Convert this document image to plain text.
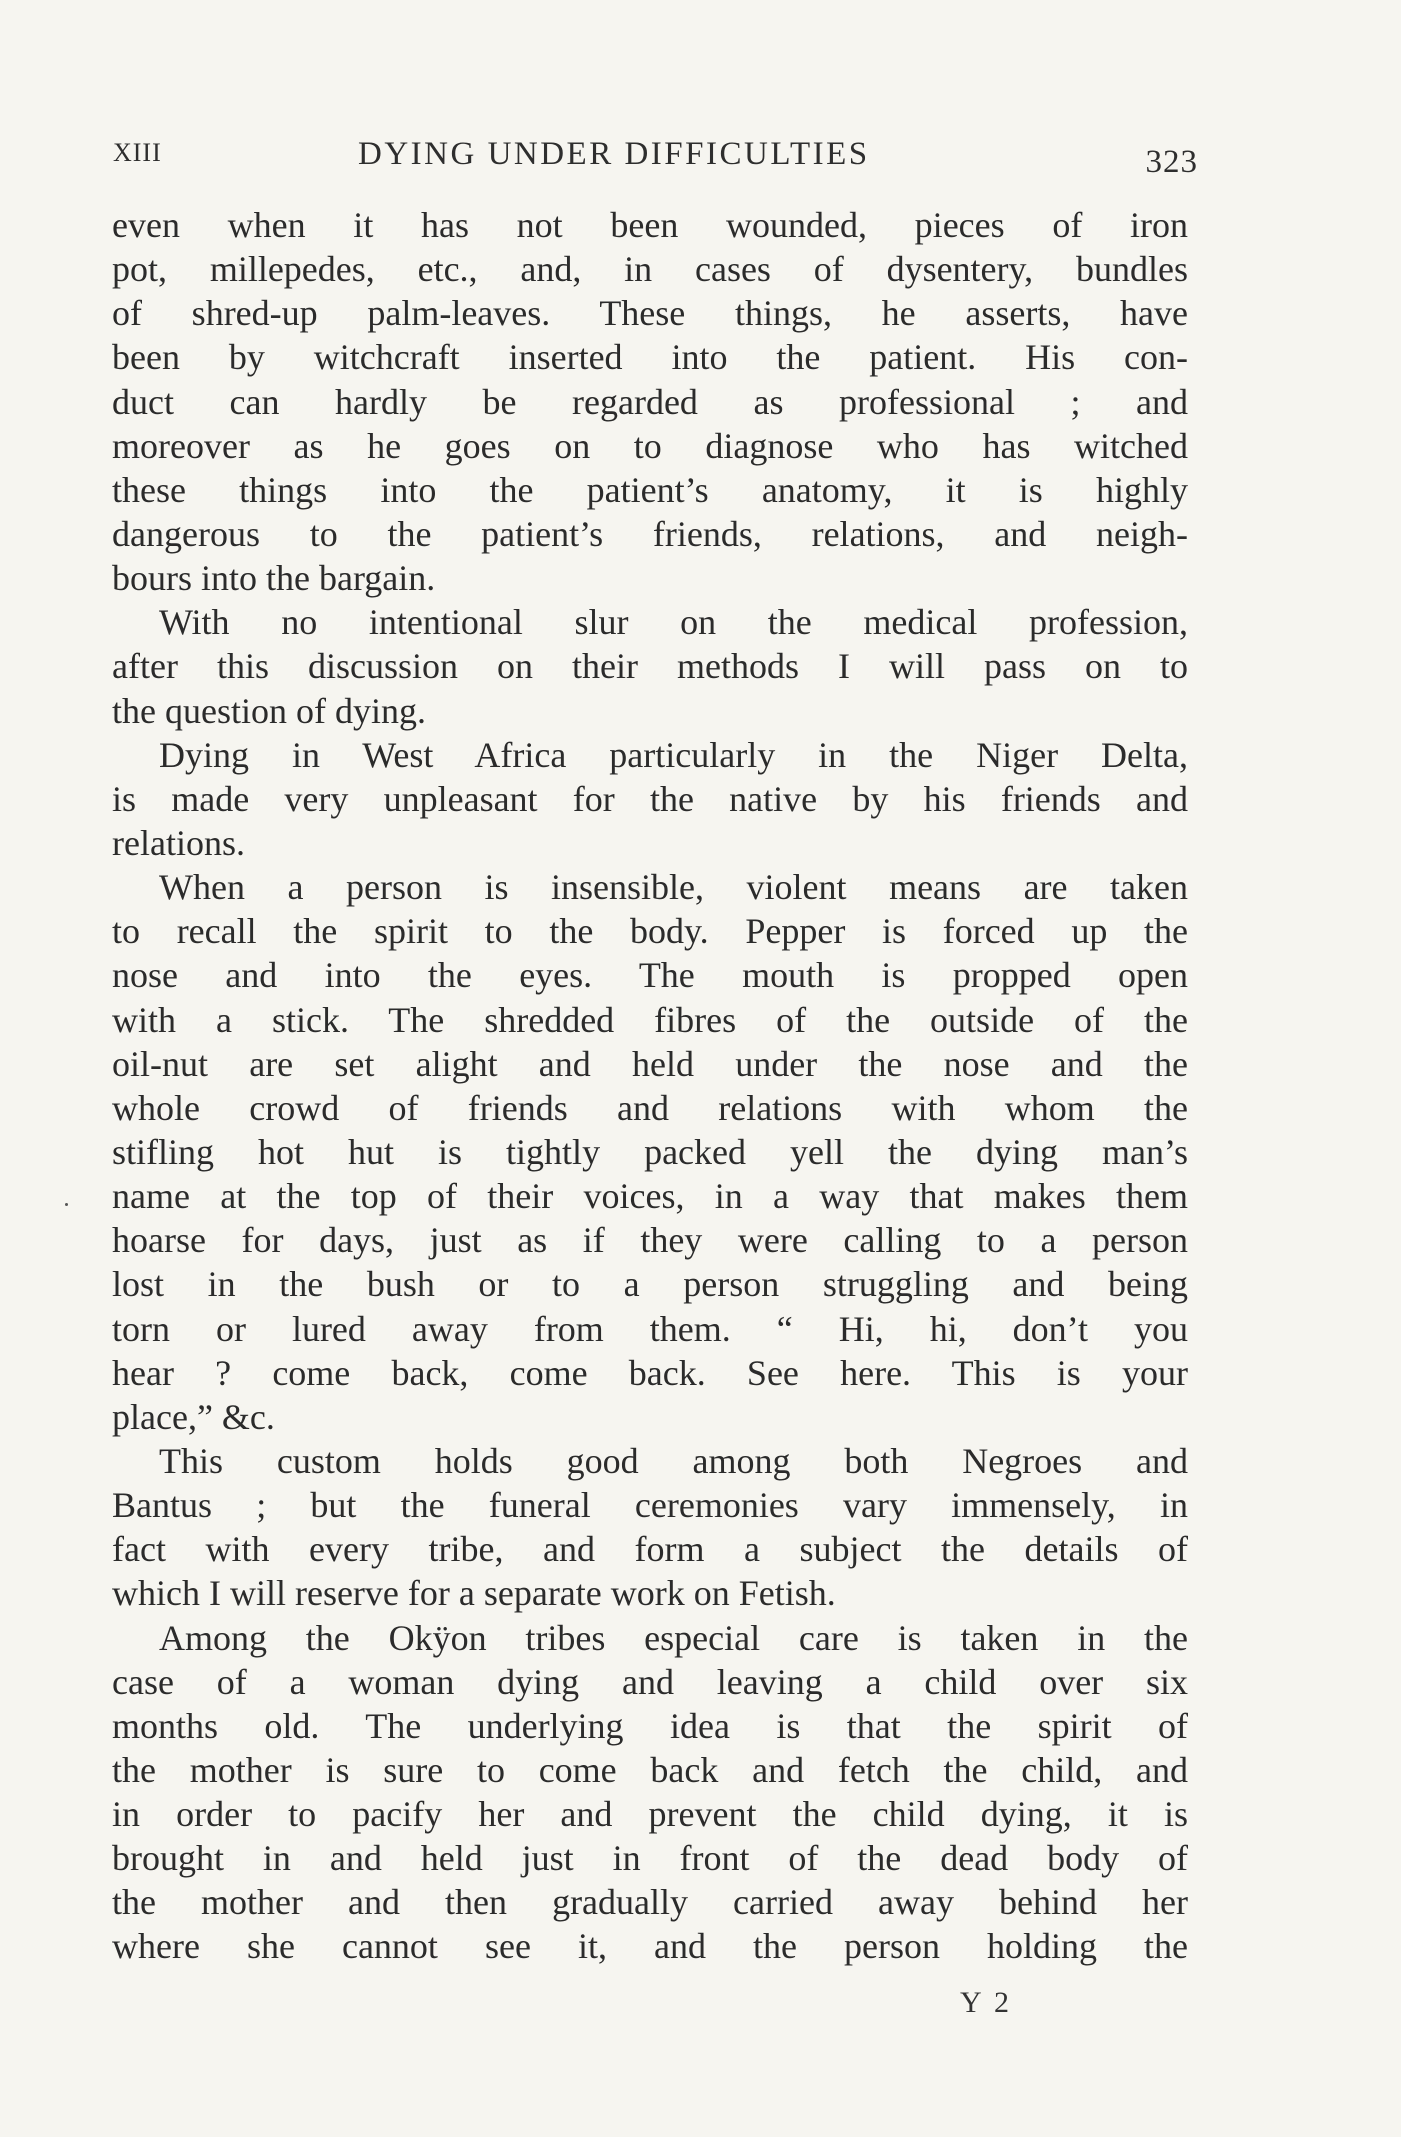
XIII	DYING UNDER DIFFICULTIES	323
even when it has not been wounded, pieces of iron
pot, millepedes, etc., and, in cases of dysentery, bundles
of shred-up palm-leaves. These things, he asserts, have
been by witchcraft inserted into the patient. His con-
duct can hardly be regarded as professional ; and
moreover as he goes on to diagnose who has witched
these things into the patient’s anatomy, it is highly
dangerous to the patient’s friends, relations, and neigh-
bours into the bargain.
With no intentional slur on the medical profession,
after this discussion on their methods I will pass on to
the question of dying.
Dying in West Africa particularly in the Niger Delta,
is made very unpleasant for the native by his friends and
relations.
When a person is insensible, violent means are taken
to recall the spirit to the body. Pepper is forced up the
nose and into the eyes. The mouth is propped open
with a stick. The shredded fibres of the outside of the
oil-nut are set alight and held under the nose and the
whole crowd of friends and relations with whom the
stifling hot hut is tightly packed yell the dying man’s
name at the top of their voices, in a way that makes them
hoarse for days, just as if they were calling to a person
lost in the bush or to a person struggling and being
torn or lured away from them. “ Hi, hi, don’t you
hear ? come back, come back. See here. This is your
place,” &c.
This custom holds good among both Negroes and
Bantus ; but the funeral ceremonies vary immensely, in
fact with every tribe, and form a subject the details of
which I will reserve for a separate work on Fetish.
Among the Okÿon tribes especial care is taken in the
case of a woman dying and leaving a child over six
months old. The underlying idea is that the spirit of
the mother is sure to come back and fetch the child, and
in order to pacify her and prevent the child dying, it is
brought in and held just in front of the dead body of
the mother and then gradually carried away behind her
where she cannot see it, and the person holding the
Y 2
